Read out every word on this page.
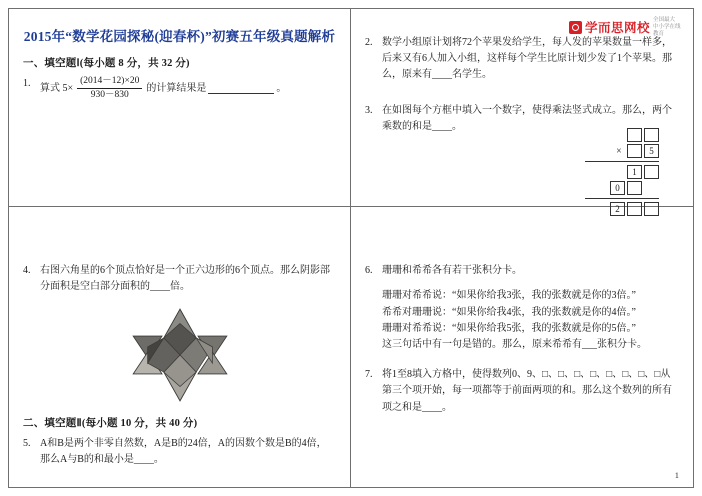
2015年“数学花园探秘(迎春杯)”初赛五年级真题解析
一、填空题Ⅰ(每小题 8 分，共 32 分)
1. 算式 $5\times \frac{(2014-12)\times 20}{930-830}$ 的计算结果是	。
学而思网校
全国最大
中小学在线教育
2. 数学小组原计划将72个苹果发给学生，每人发的苹果数量一样多，后来又有6人加入小组，这样每个学生比原计划少发了1个苹果。那么，原来有____名学生。
3. 在如图每个方框中填入一个数字，使得乘法竖式成立。那么，两个乘数的和是____。
×	5
1
0
2
4. 右图六角星的6个顶点恰好是一个正六边形的6个顶点。那么阴影部分面积是空白部分面积的____倍。
二、填空题Ⅱ(每小题 10 分，共 40 分)
5. A和B是两个非零自然数，A是B的24倍，A的因数个数是B的4倍，那么A与B的和最小是____。
6. 珊珊和希希各有若干张积分卡。
珊珊对希希说：“如果你给我3张，我的张数就是你的3倍。”
希希对珊珊说：“如果你给我4张，我的张数就是你的4倍。”
珊珊对希希说：“如果你给我5张，我的张数就是你的5倍。”
这三句话中有一句是错的。那么，原来希希有___张积分卡。
7. 将1至8填入方格中，使得数列0、9、□、□、□、□、□、□、□、□从第三个项开始，每一项都等于前面两项的和。那么这个数列的所有项之和是____。
1
